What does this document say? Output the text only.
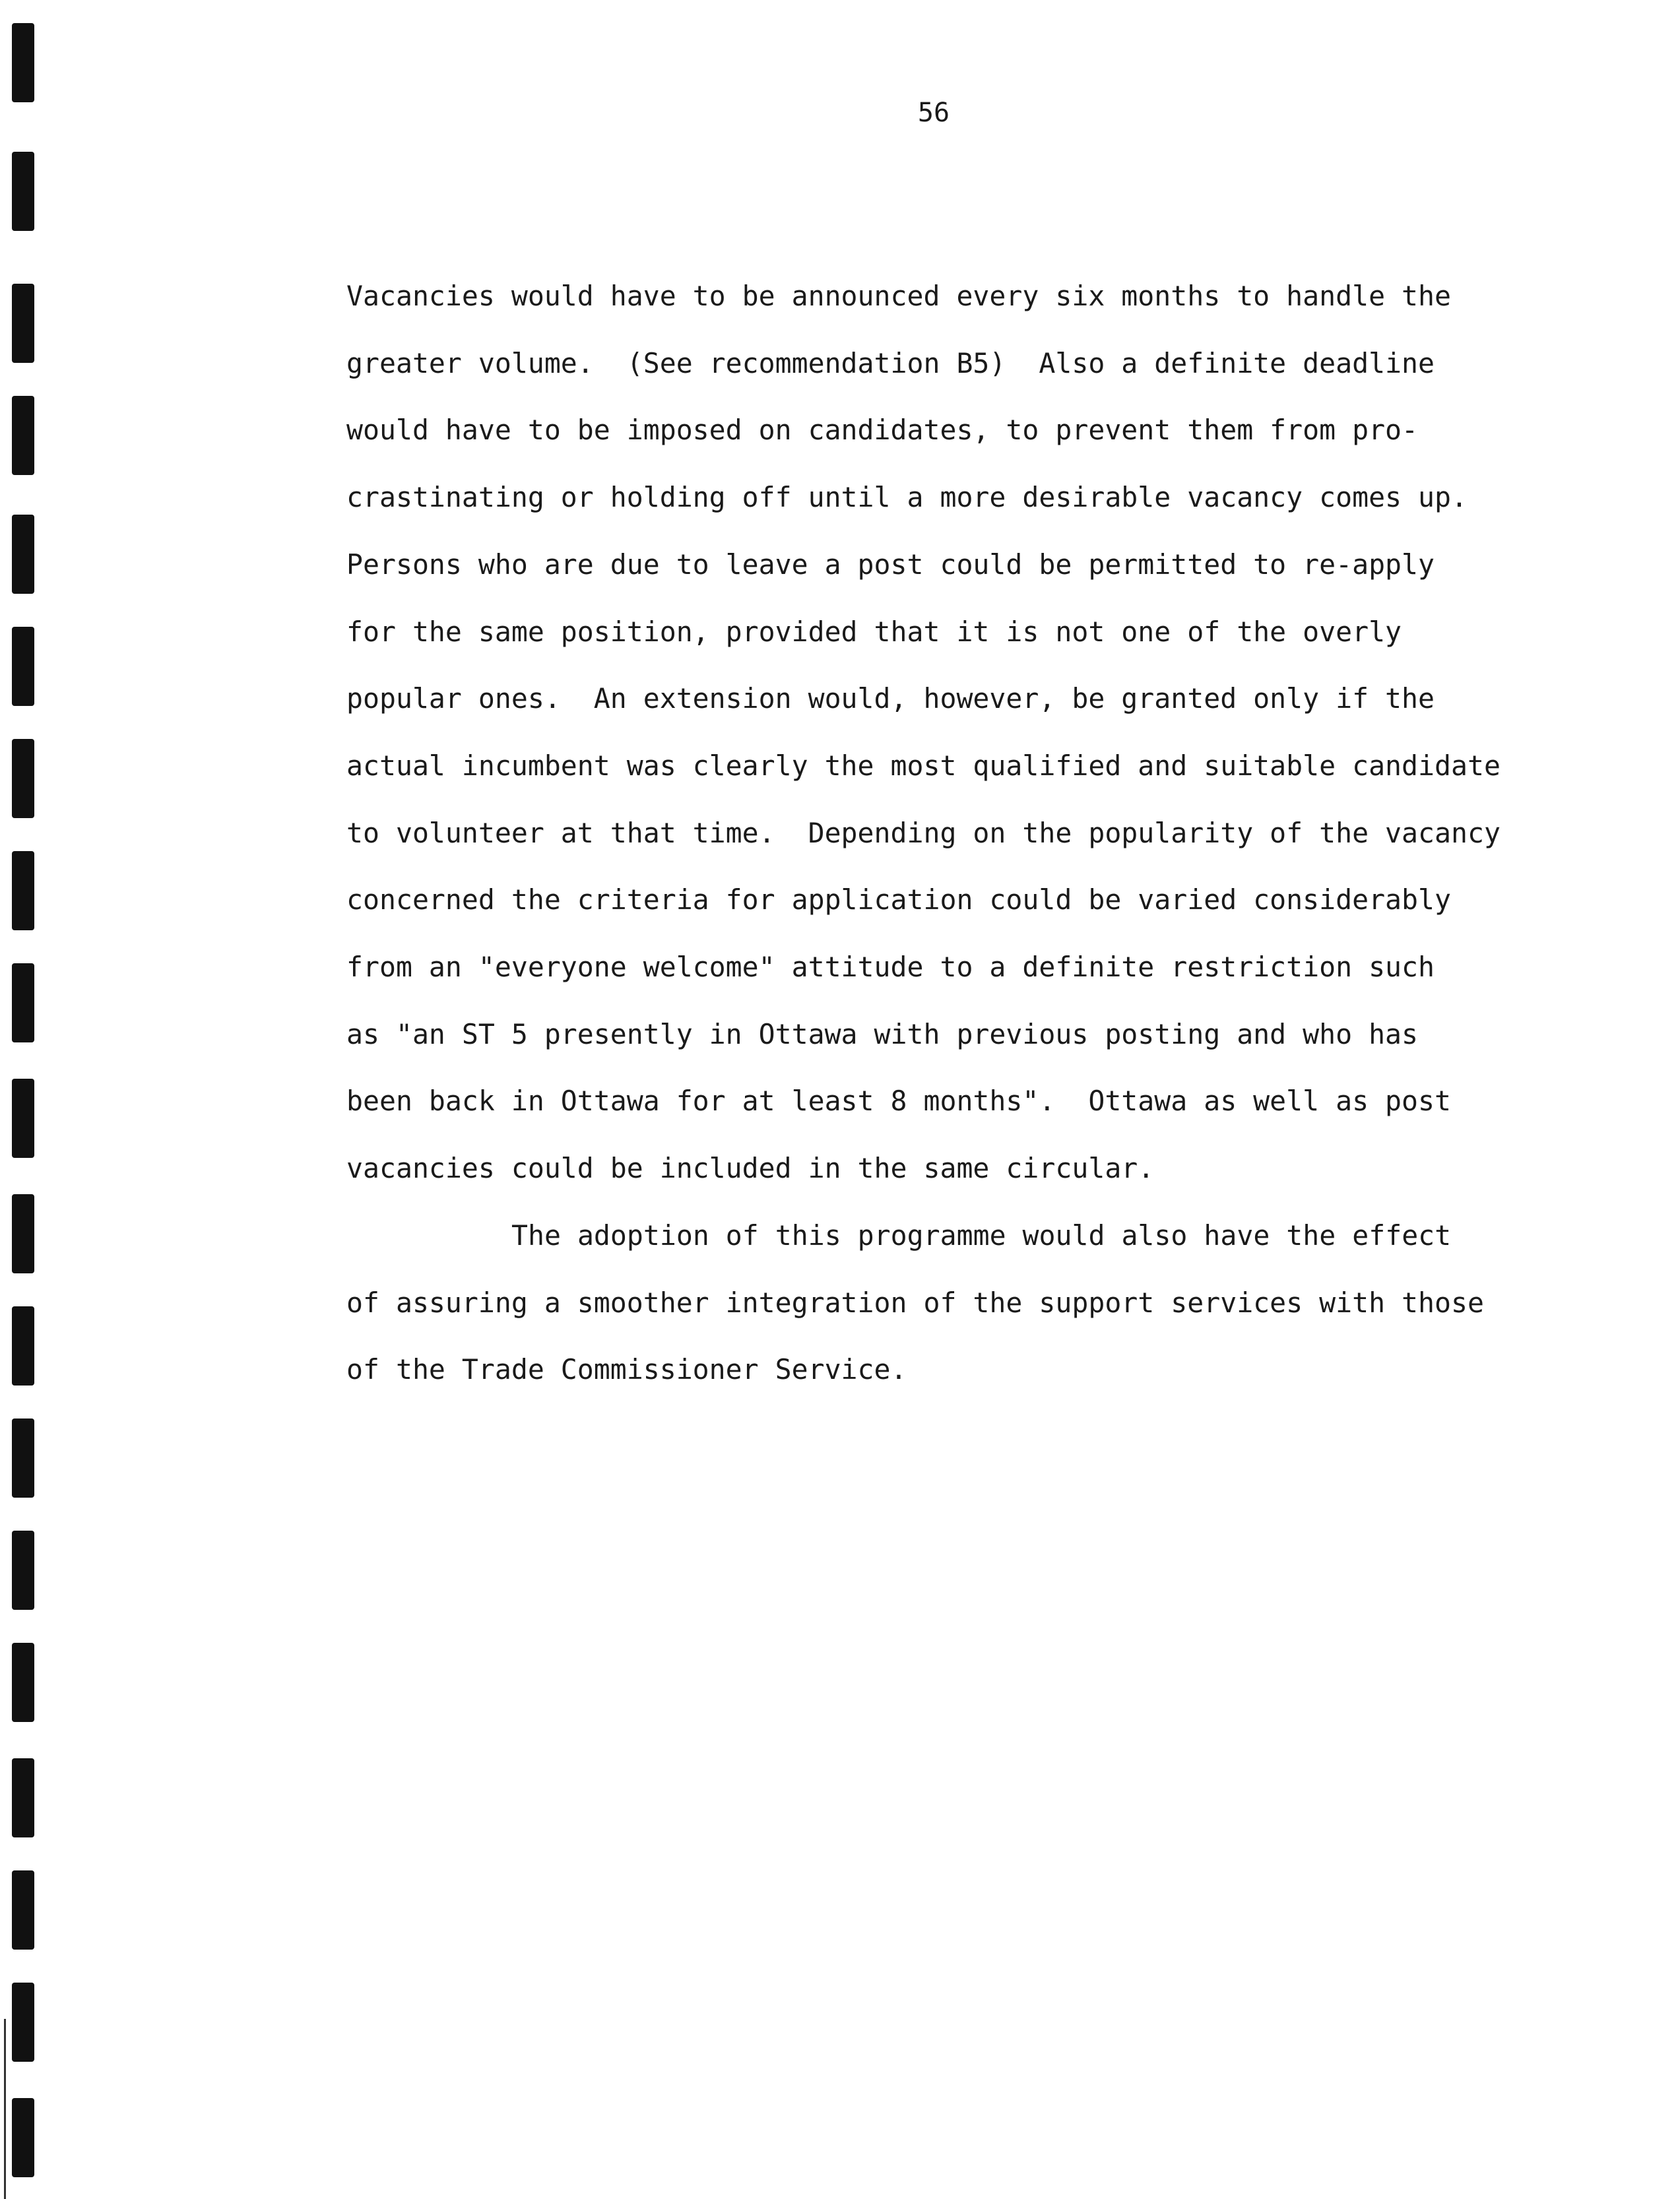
56
Vacancies would have to be announced every six months to handle the
greater volume.  (See recommendation B5)  Also a definite deadline
would have to be imposed on candidates, to prevent them from pro-
crastinating or holding off until a more desirable vacancy comes up.
Persons who are due to leave a post could be permitted to re-apply
for the same position, provided that it is not one of the overly
popular ones.  An extension would, however, be granted only if the
actual incumbent was clearly the most qualified and suitable candidate
to volunteer at that time.  Depending on the popularity of the vacancy
concerned the criteria for application could be varied considerably
from an "everyone welcome" attitude to a definite restriction such
as "an ST 5 presently in Ottawa with previous posting and who has
been back in Ottawa for at least 8 months".  Ottawa as well as post
vacancies could be included in the same circular.
The adoption of this programme would also have the effect
of assuring a smoother integration of the support services with those
of the Trade Commissioner Service.
